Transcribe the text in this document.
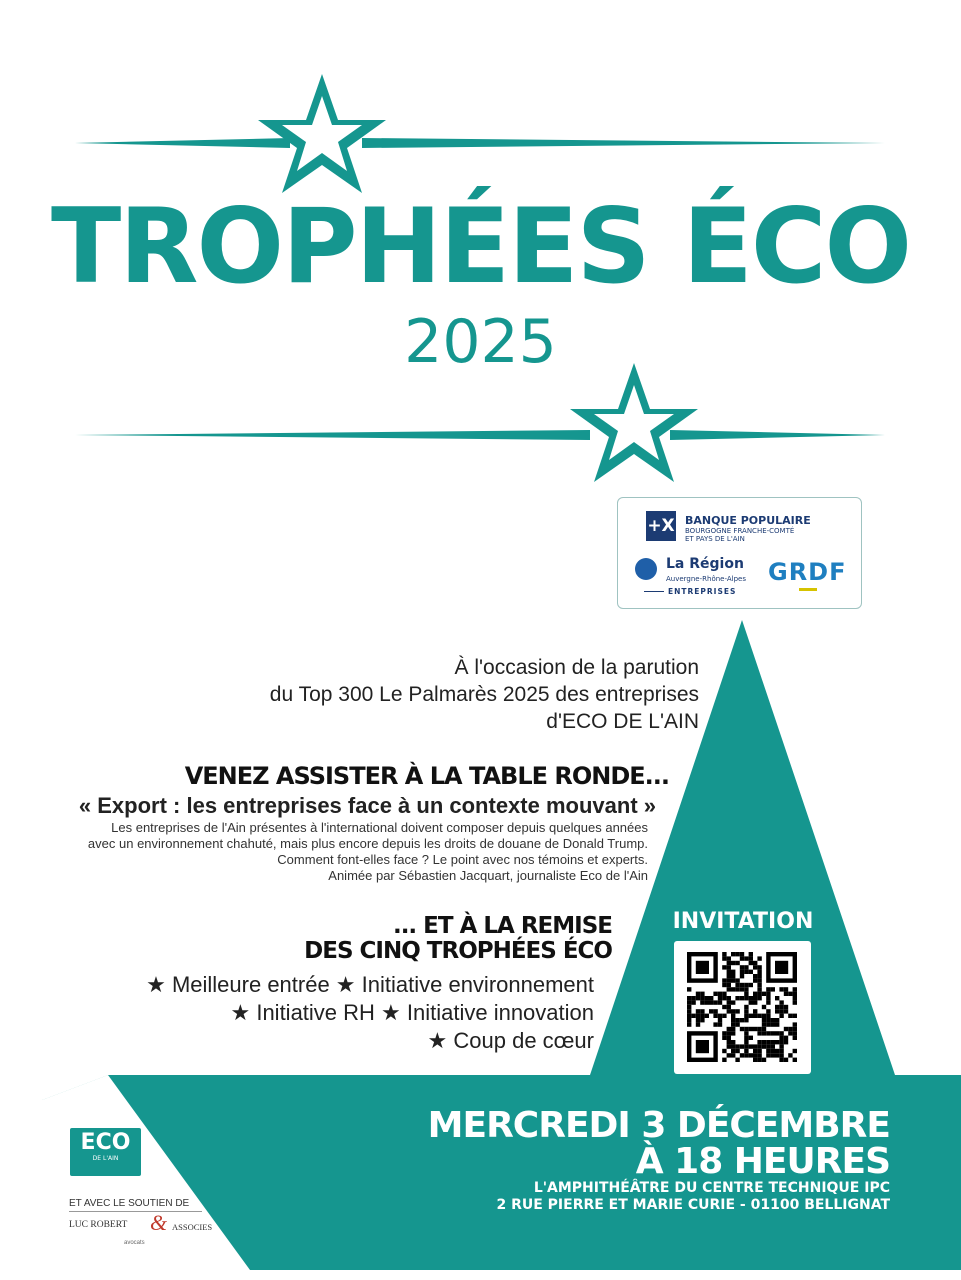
TROPHÉES ÉCO
2025
+X BANQUE POPULAIRE
BOURGOGNE FRANCHE-COMTÉ
ET PAYS DE L'AIN
La Région
Auvergne-Rhône-Alpes
ENTREPRISES
GRDF
À l'occasion de la parution
du Top 300 Le Palmarès 2025 des entreprises
d'ECO DE L'AIN
VENEZ ASSISTER À LA TABLE RONDE...
« Export : les entreprises face à un contexte mouvant »
Les entreprises de l'Ain présentes à l'international doivent composer depuis quelques années
avec un environnement chahuté, mais plus encore depuis les droits de douane de Donald Trump.
Comment font-elles face ? Le point avec nos témoins et experts.
Animée par Sébastien Jacquart, journaliste Eco de l'Ain
... ET À LA REMISE
DES CINQ TROPHÉES ÉCO
★ Meilleure entrée ★ Initiative environnement
★ Initiative RH ★ Initiative innovation
★ Coup de cœur
INVITATION
MERCREDI 3 DÉCEMBRE
À 18 HEURES
L'AMPHITHÉÂTRE DU CENTRE TECHNIQUE IPC
2 RUE PIERRE ET MARIE CURIE - 01100 BELLIGNAT
ECO
DE L'AIN
ET AVEC LE SOUTIEN DE
LUC ROBERT & ASSOCIES
avocats
